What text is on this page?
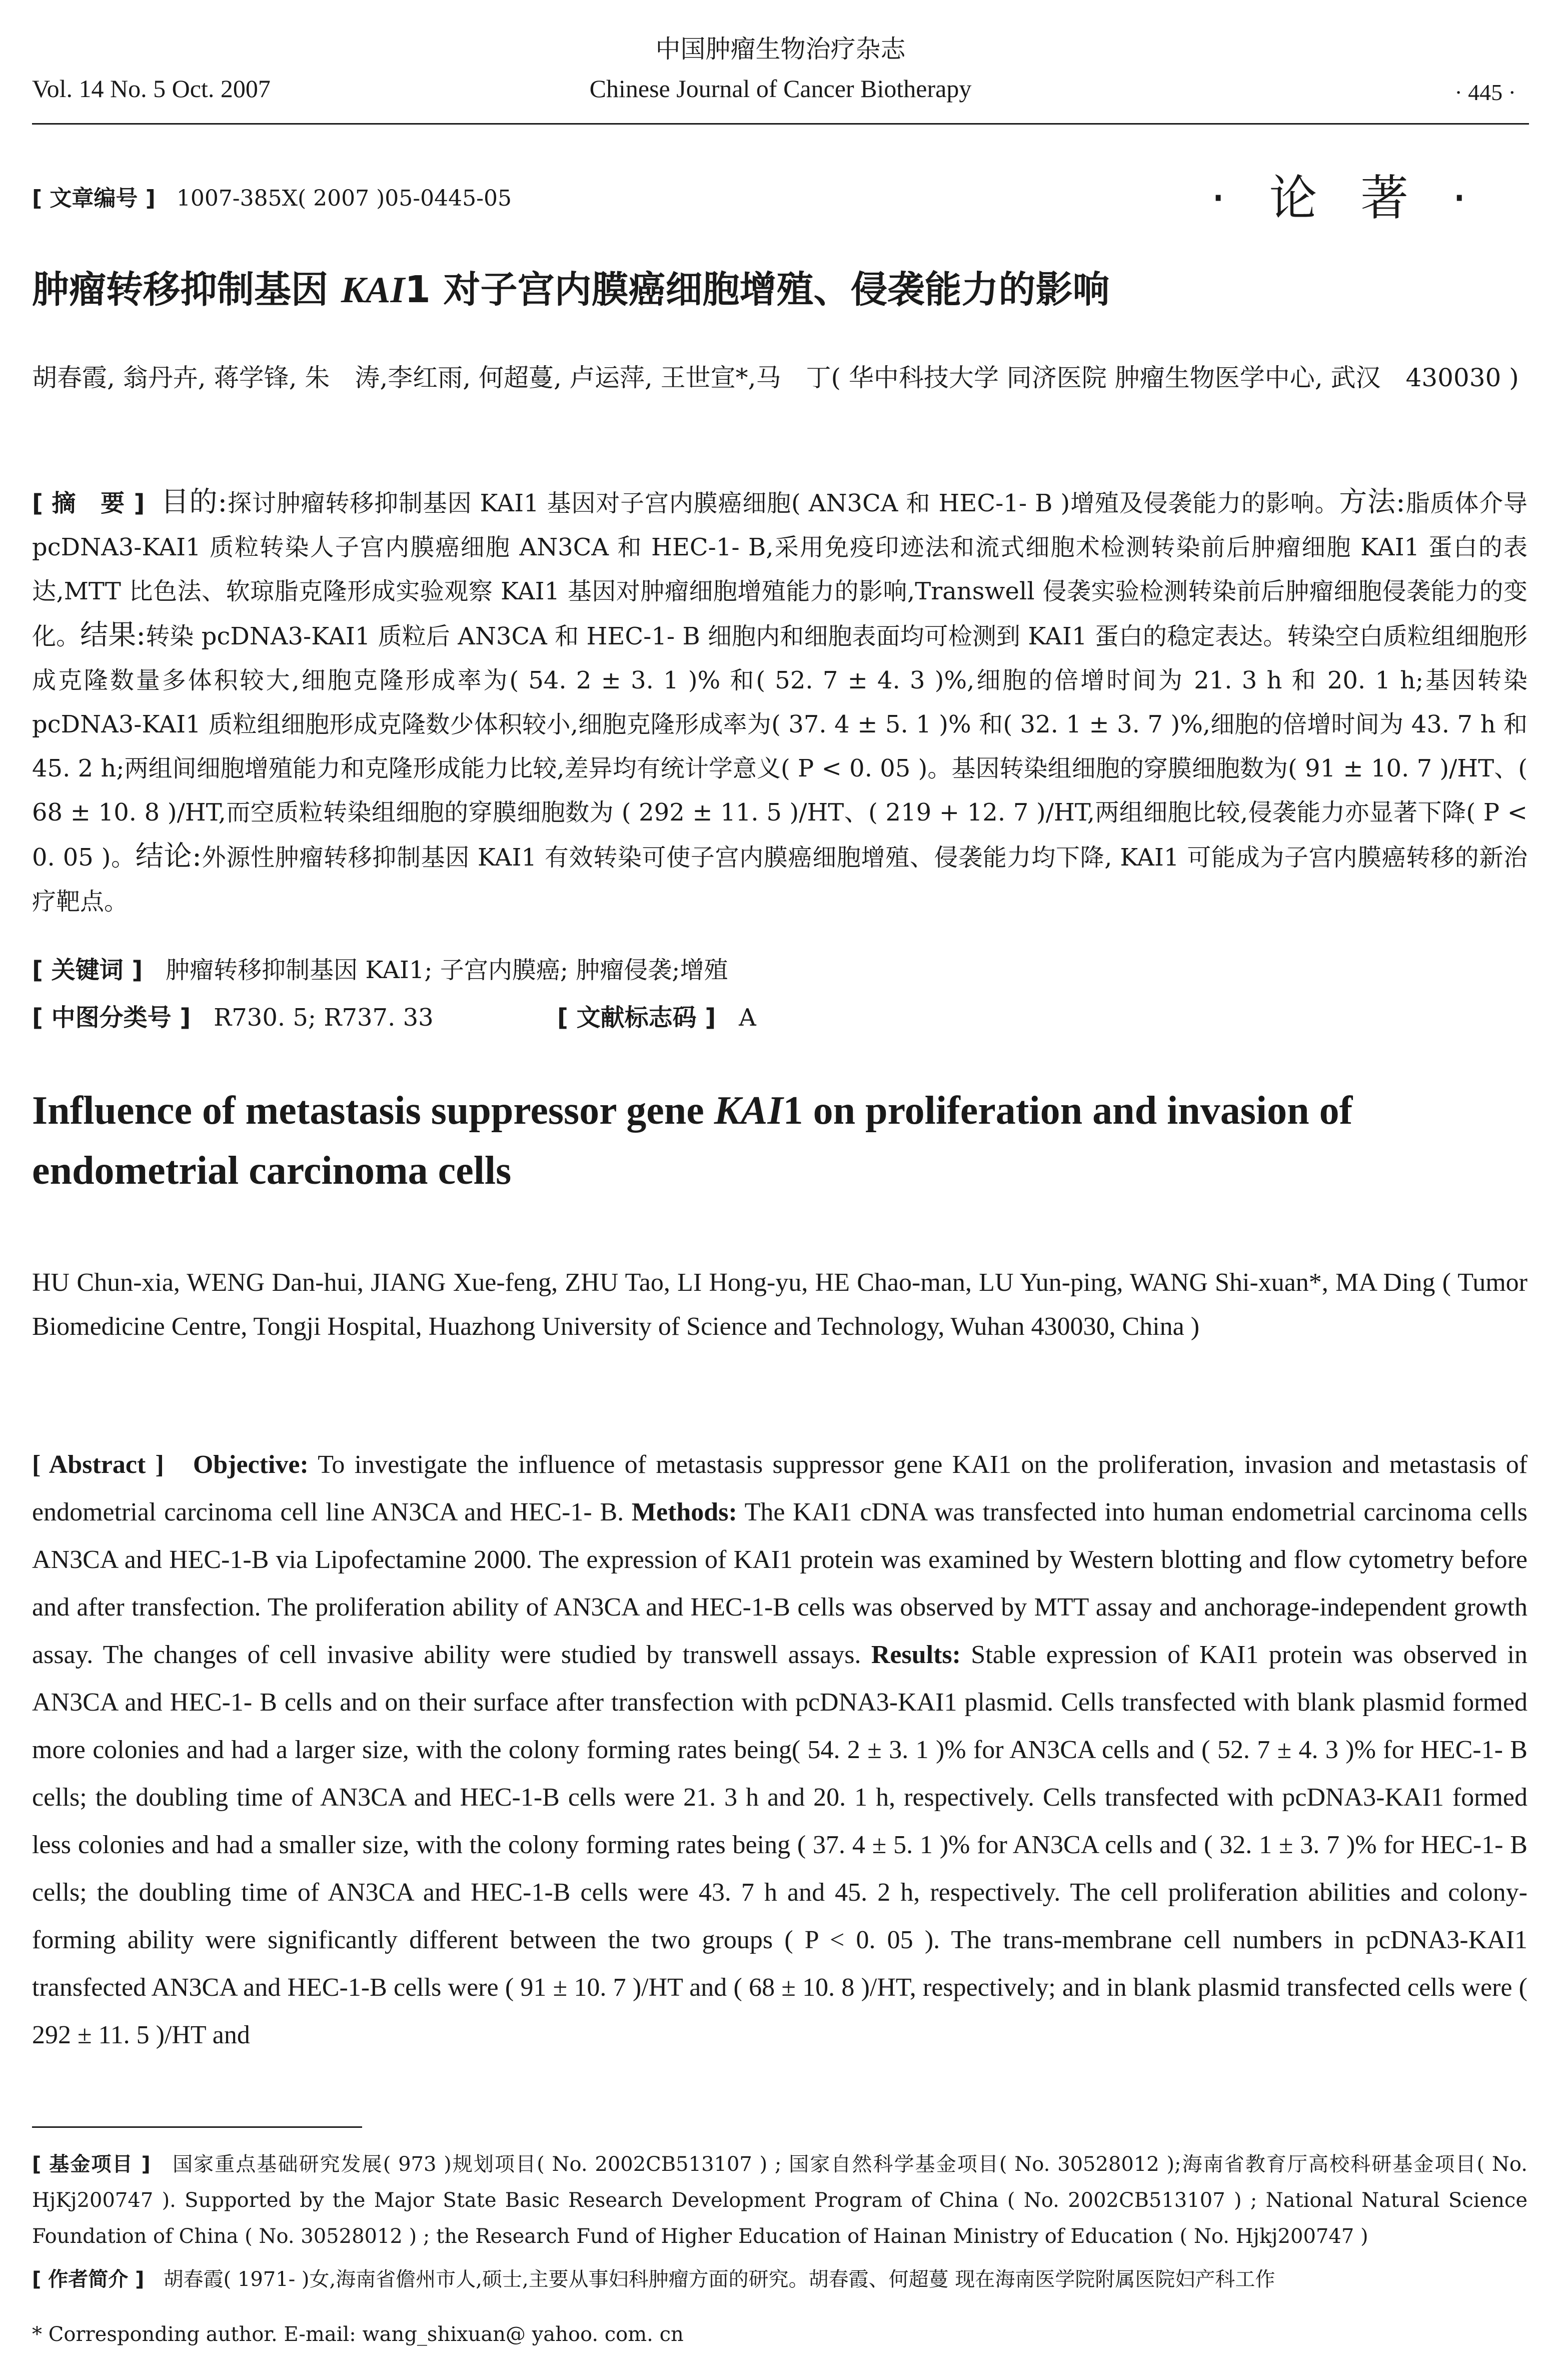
中国肿瘤生物治疗杂志
Vol. 14 No. 5 Oct. 2007	Chinese Journal of Cancer Biotherapy	· 445 ·
[ 文章编号 ] 1007-385X( 2007 )05-0445-05	· 论 著 ·
肿瘤转移抑制基因 KAI1 对子宫内膜癌细胞增殖、侵袭能力的影响
胡春霞, 翁丹卉, 蒋学锋, 朱　涛,李红雨, 何超蔓, 卢运萍, 王世宣*,马　丁( 华中科技大学 同济医院 肿瘤生物医学中心, 武汉　430030 )
[ 摘　要 ] 目的:探讨肿瘤转移抑制基因 KAI1 基因对子宫内膜癌细胞( AN3CA 和 HEC-1- B )增殖及侵袭能力的影响。方法:脂质体介导 pcDNA3-KAI1 质粒转染人子宫内膜癌细胞 AN3CA 和 HEC-1- B,采用免疫印迹法和流式细胞术检测转染前后肿瘤细胞 KAI1 蛋白的表达,MTT 比色法、软琼脂克隆形成实验观察 KAI1 基因对肿瘤细胞增殖能力的影响,Transwell 侵袭实验检测转染前后肿瘤细胞侵袭能力的变化。结果:转染 pcDNA3-KAI1 质粒后 AN3CA 和 HEC-1- B 细胞内和细胞表面均可检测到 KAI1 蛋白的稳定表达。转染空白质粒组细胞形成克隆数量多体积较大,细胞克隆形成率为( 54. 2 ± 3. 1 )% 和( 52. 7 ± 4. 3 )%,细胞的倍增时间为 21. 3 h 和 20. 1 h;基因转染 pcDNA3-KAI1 质粒组细胞形成克隆数少体积较小,细胞克隆形成率为( 37. 4 ± 5. 1 )% 和( 32. 1 ± 3. 7 )%,细胞的倍增时间为 43. 7 h 和 45. 2 h;两组间细胞增殖能力和克隆形成能力比较,差异均有统计学意义( P < 0. 05 )。基因转染组细胞的穿膜细胞数为( 91 ± 10. 7 )/HT、( 68 ± 10. 8 )/HT,而空质粒转染组细胞的穿膜细胞数为 ( 292 ± 11. 5 )/HT、( 219 + 12. 7 )/HT,两组细胞比较,侵袭能力亦显著下降( P < 0. 05 )。结论:外源性肿瘤转移抑制基因 KAI1 有效转染可使子宫内膜癌细胞增殖、侵袭能力均下降, KAI1 可能成为子宫内膜癌转移的新治疗靶点。
[ 关键词 ] 肿瘤转移抑制基因 KAI1; 子宫内膜癌; 肿瘤侵袭;增殖
[ 中图分类号 ] R730. 5; R737. 33	[ 文献标志码 ] A
Influence of metastasis suppressor gene KAI1 on proliferation and invasion of endometrial carcinoma cells
HU Chun-xia, WENG Dan-hui, JIANG Xue-feng, ZHU Tao, LI Hong-yu, HE Chao-man, LU Yun-ping, WANG Shi-xuan*, MA Ding ( Tumor Biomedicine Centre, Tongji Hospital, Huazhong University of Science and Technology, Wuhan 430030, China )
[ Abstract ] Objective: To investigate the influence of metastasis suppressor gene KAI1 on the proliferation, invasion and metastasis of endometrial carcinoma cell line AN3CA and HEC-1- B. Methods: The KAI1 cDNA was transfected into human endometrial carcinoma cells AN3CA and HEC-1-B via Lipofectamine 2000. The expression of KAI1 protein was examined by Western blotting and flow cytometry before and after transfection. The proliferation ability of AN3CA and HEC-1-B cells was observed by MTT assay and anchorage-independent growth assay. The changes of cell invasive ability were studied by transwell assays. Results: Stable expression of KAI1 protein was observed in AN3CA and HEC-1- B cells and on their surface after transfection with pcDNA3-KAI1 plasmid. Cells transfected with blank plasmid formed more colonies and had a larger size, with the colony forming rates being( 54. 2 ± 3. 1 )% for AN3CA cells and ( 52. 7 ± 4. 3 )% for HEC-1- B cells; the doubling time of AN3CA and HEC-1-B cells were 21. 3 h and 20. 1 h, respectively. Cells transfected with pcDNA3-KAI1 formed less colonies and had a smaller size, with the colony forming rates being ( 37. 4 ± 5. 1 )% for AN3CA cells and ( 32. 1 ± 3. 7 )% for HEC-1- B cells; the doubling time of AN3CA and HEC-1-B cells were 43. 7 h and 45. 2 h, respectively. The cell proliferation abilities and colony-forming ability were significantly different between the two groups ( P < 0. 05 ). The trans-membrane cell numbers in pcDNA3-KAI1 transfected AN3CA and HEC-1-B cells were ( 91 ± 10. 7 )/HT and ( 68 ± 10. 8 )/HT, respectively; and in blank plasmid transfected cells were ( 292 ± 11. 5 )/HT and
[ 基金项目 ] 国家重点基础研究发展( 973 )规划项目( No. 2002CB513107 ) ; 国家自然科学基金项目( No. 30528012 );海南省教育厅高校科研基金项目( No. HjKj200747 ). Supported by the Major State Basic Research Development Program of China ( No. 2002CB513107 ) ; National Natural Science Foundation of China ( No. 30528012 ) ; the Research Fund of Higher Education of Hainan Ministry of Education ( No. Hjkj200747 )
[ 作者简介 ] 胡春霞( 1971- )女,海南省儋州市人,硕士,主要从事妇科肿瘤方面的研究。胡春霞、何超蔓 现在海南医学院附属医院妇产科工作
* Corresponding author. E-mail: wang_shixuan@ yahoo. com. cn
